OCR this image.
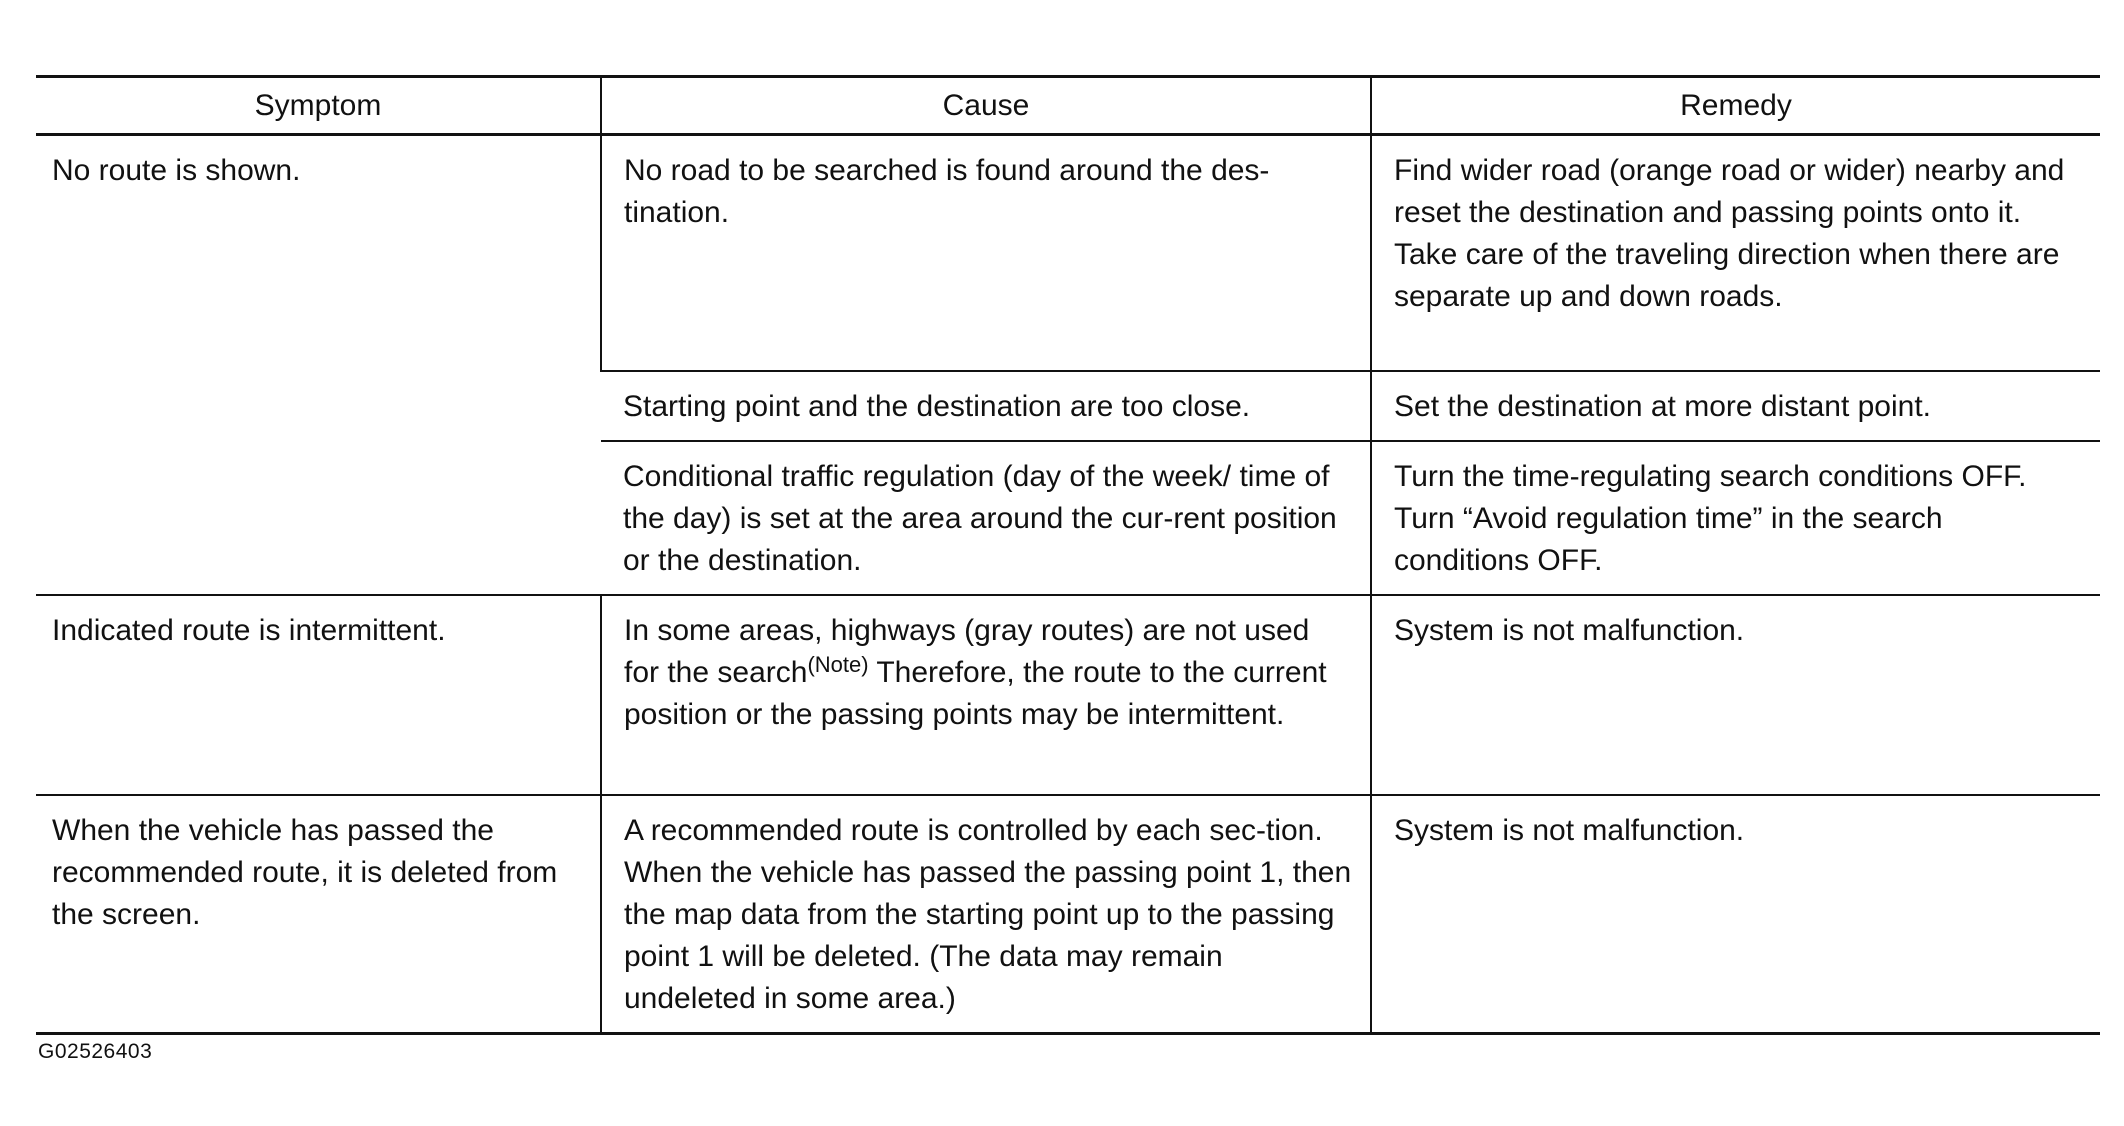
Symptom	Cause	Remedy
No route is shown.	No road to be searched is found around the des-tination.	Find wider road (orange road or wider) nearby and reset the destination and passing points onto it. Take care of the traveling direction when there are separate up and down roads.
	Starting point and the destination are too close.	Set the destination at more distant point.
	Conditional traffic regulation (day of the week/ time of the day) is set at the area around the cur-rent position or the destination.	Turn the time-regulating search conditions OFF. Turn “Avoid regulation time” in the search conditions OFF.
Indicated route is intermittent.	In some areas, highways (gray routes) are not used for the search$^{(Note)}$ Therefore, the route to the current position or the passing points may be intermittent.	System is not malfunction.
When the vehicle has passed the recommended route, it is deleted from the screen.	A recommended route is controlled by each sec-tion. When the vehicle has passed the passing point 1, then the map data from the starting point up to the passing point 1 will be deleted. (The data may remain undeleted in some area.)	System is not malfunction.
G02526403
